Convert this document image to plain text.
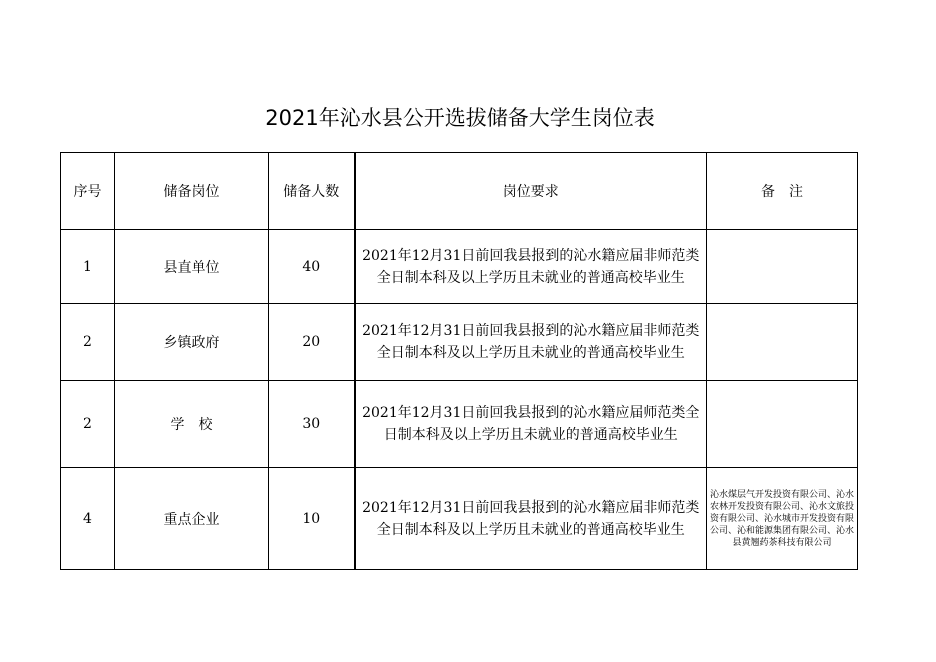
2021年沁水县公开选拔储备大学生岗位表
序号	储备岗位	储备人数	岗位要求	备　注
1	县直单位	40	2021年12月31日前回我县报到的沁水籍应届非师范类全日制本科及以上学历且未就业的普通高校毕业生	
2	乡镇政府	20	2021年12月31日前回我县报到的沁水籍应届非师范类全日制本科及以上学历且未就业的普通高校毕业生	
2	学　校	30	2021年12月31日前回我县报到的沁水籍应届师范类全日制本科及以上学历且未就业的普通高校毕业生	
4	重点企业	10	2021年12月31日前回我县报到的沁水籍应届非师范类全日制本科及以上学历且未就业的普通高校毕业生	沁水煤层气开发投资有限公司、沁水农林开发投资有限公司、沁水文旅投资有限公司、沁水城市开发投资有限公司、沁和能源集团有限公司、沁水县黄翘药茶科技有限公司
